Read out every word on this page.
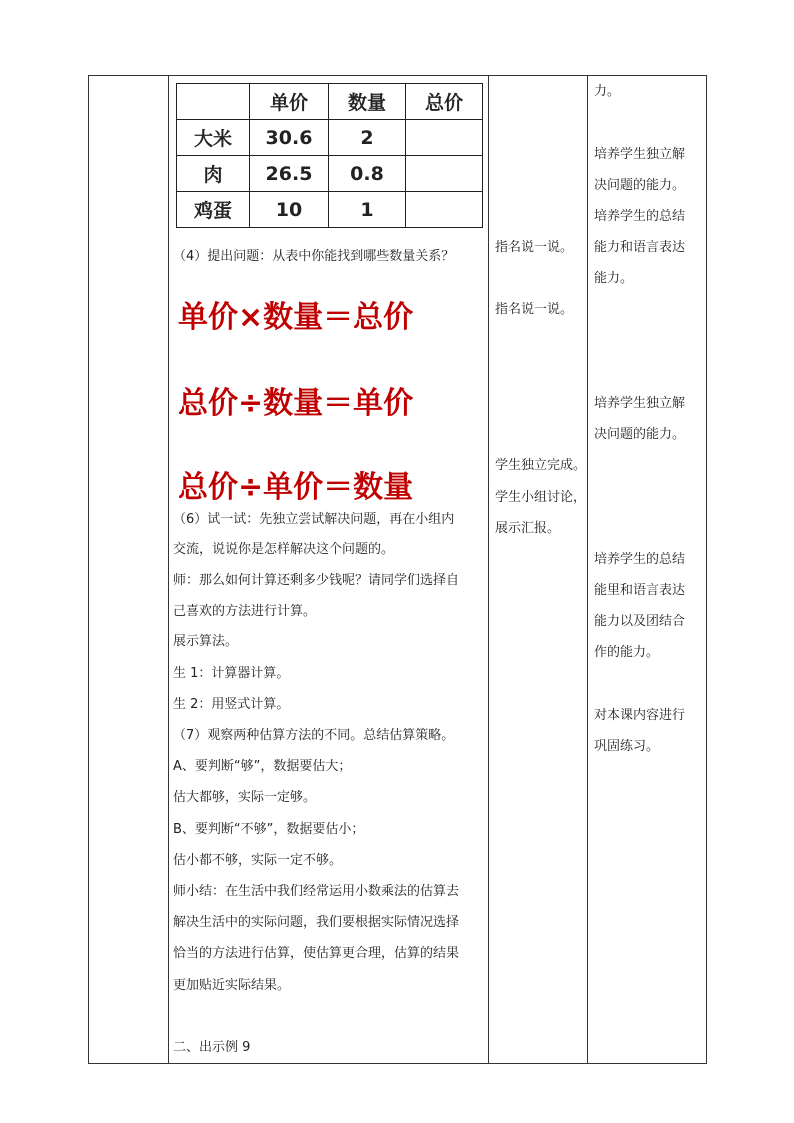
	单价	数量	总价
大米	30.6	2	
肉	26.5	0.8	
鸡蛋	10	1	
（4）提出问题：从表中你能找到哪些数量关系？
单价×数量＝总价
总价÷数量＝单价
总价÷单价＝数量
（6）试一试：先独立尝试解决问题，再在小组内
交流，说说你是怎样解决这个问题的。
师：那么如何计算还剩多少钱呢？请同学们选择自
己喜欢的方法进行计算。
展示算法。
生 1：计算器计算。
生 2：用竖式计算。
（7）观察两种估算方法的不同。总结估算策略。
A、要判断“够”，数据要估大；
估大都够，实际一定够。
B、要判断“不够”，数据要估小；
估小都不够，实际一定不够。
师小结：在生活中我们经常运用小数乘法的估算去
解决生活中的实际问题，我们要根据实际情况选择
恰当的方法进行估算，使估算更合理，估算的结果
更加贴近实际结果。
二、出示例 9
指名说一说。
指名说一说。
学生独立完成。
学生小组讨论，
展示汇报。
力。
培养学生独立解
决问题的能力。
培养学生的总结
能力和语言表达
能力。
培养学生独立解
决问题的能力。
培养学生的总结
能里和语言表达
能力以及团结合
作的能力。
对本课内容进行
巩固练习。
